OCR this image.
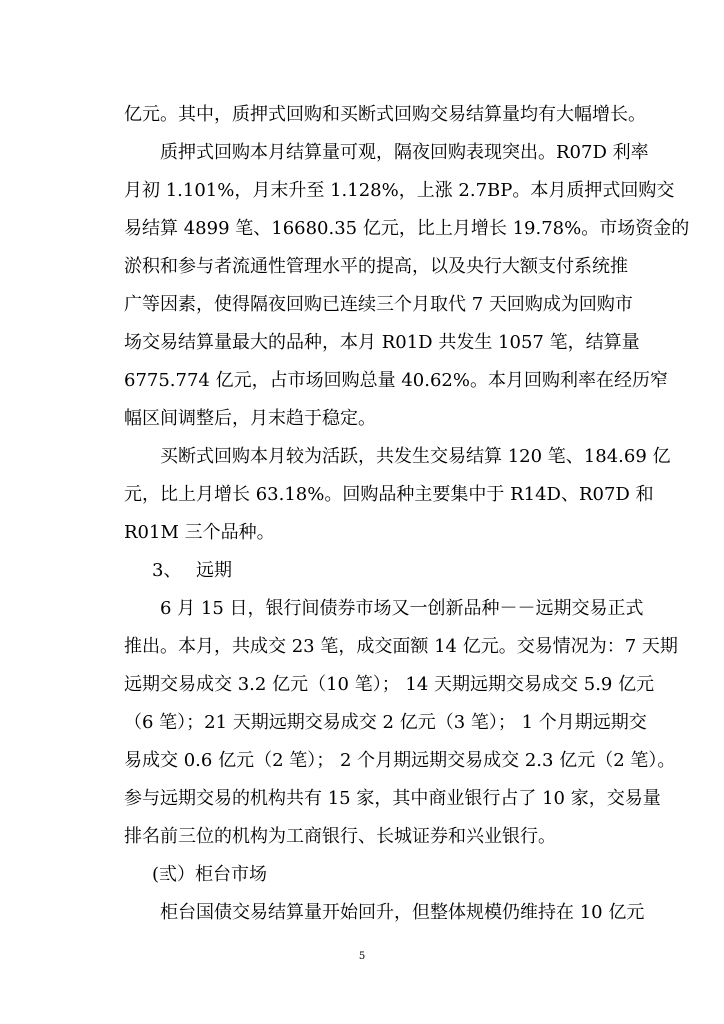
亿元。其中，质押式回购和买断式回购交易结算量均有大幅增长。
质押式回购本月结算量可观，隔夜回购表现突出。R07D 利率
月初 1.101%，月末升至 1.128%，上涨 2.7BP。本月质押式回购交
易结算 4899 笔、16680.35 亿元，比上月增长 19.78%。市场资金的
淤积和参与者流通性管理水平的提高，以及央行大额支付系统推
广等因素，使得隔夜回购已连续三个月取代 7 天回购成为回购市
场交易结算量最大的品种，本月 R01D 共发生 1057 笔，结算量
6775.774 亿元，占市场回购总量 40.62%。本月回购利率在经历窄
幅区间调整后，月末趋于稳定。
买断式回购本月较为活跃，共发生交易结算 120 笔、184.69 亿
元，比上月增长 63.18%。回购品种主要集中于 R14D、R07D 和
R01M 三个品种。
3、 远期
6 月 15 日，银行间债券市场又一创新品种－－远期交易正式
推出。本月，共成交 23 笔，成交面额 14 亿元。交易情况为：7 天期
远期交易成交 3.2 亿元（10 笔）； 14 天期远期交易成交 5.9 亿元
（6 笔）；21 天期远期交易成交 2 亿元（3 笔）； 1 个月期远期交
易成交 0.6 亿元（2 笔）； 2 个月期远期交易成交 2.3 亿元（2 笔）。
参与远期交易的机构共有 15 家，其中商业银行占了 10 家，交易量
排名前三位的机构为工商银行、长城证券和兴业银行。
(弎）柜台市场
柜台国债交易结算量开始回升，但整体规模仍维持在 10 亿元
5
